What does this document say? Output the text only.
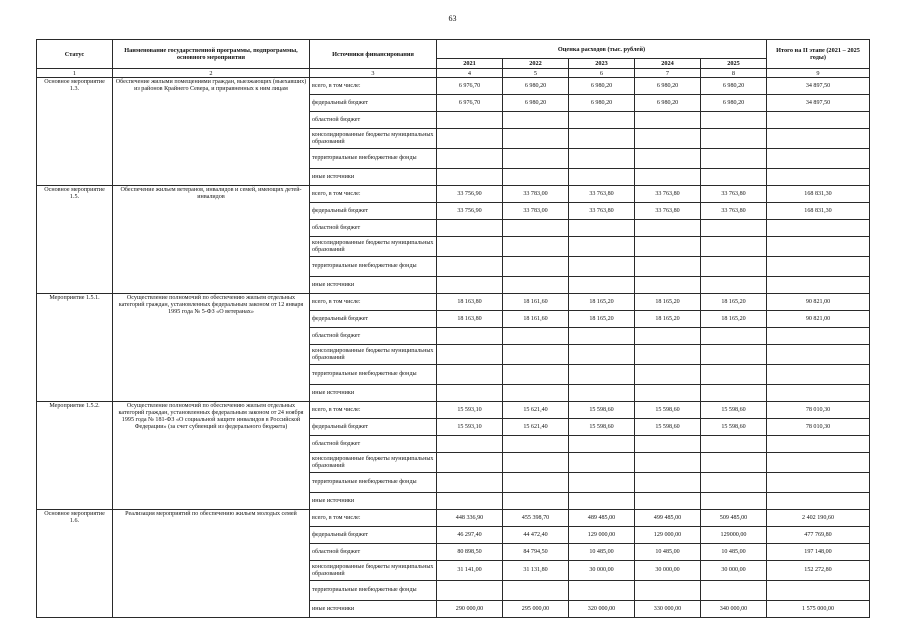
63
Статус	Наименование государственной программы, подпрограммы, основного мероприятия	Источники финансирования	Оценка расходов (тыс. рублей)					Итого на II этапе (2021 – 2025 годы)
			2021	2022	2023	2024	2025	
1	2	3	4	5	6	7	8	9
Основное мероприятие 1.3.	Обеспечение жилыми помещениями граждан, выезжающих (выехавших) из районов Крайнего Севера, и приравненных к ним лицам	всего, в том числе:	6 976,70	6 980,20	6 980,20	6 980,20	6 980,20	34 897,50
		федеральный бюджет	6 976,70	6 980,20	6 980,20	6 980,20	6 980,20	34 897,50
		областной бюджет						
		консолидированные бюджеты муниципальных образований						
		территориальные внебюджетные фонды						
		иные источники						
Основное мероприятие 1.5.	Обеспечение жильем ветеранов, инвалидов и семей, имеющих детей-инвалидов	всего, в том числе:	33 756,90	33 783,00	33 763,80	33 763,80	33 763,80	168 831,30
		федеральный бюджет	33 756,90	33 783,00	33 763,80	33 763,80	33 763,80	168 831,30
		областной бюджет						
		консолидированные бюджеты муниципальных образований						
		территориальные внебюджетные фонды						
		иные источники						
Мероприятие 1.5.1.	Осуществление полномочий по обеспечению жильем отдельных категорий граждан, установленных федеральным законом от 12 января 1995 года № 5-ФЗ «О ветеранах»	всего, в том числе:	18 163,80	18 161,60	18 165,20	18 165,20	18 165,20	90 821,00
		федеральный бюджет	18 163,80	18 161,60	18 165,20	18 165,20	18 165,20	90 821,00
		областной бюджет						
		консолидированные бюджеты муниципальных образований						
		территориальные внебюджетные фонды						
		иные источники						
Мероприятие 1.5.2.	Осуществление полномочий по обеспечению жильем отдельных категорий граждан, установленных федеральным законом от 24 ноября 1995 года № 181-ФЗ «О социальной защите инвалидов в Российской Федерации» (за счет субвенций из федерального бюджета)	всего, в том числе:	15 593,10	15 621,40	15 598,60	15 598,60	15 598,60	78 010,30
		федеральный бюджет	15 593,10	15 621,40	15 598,60	15 598,60	15 598,60	78 010,30
		областной бюджет						
		консолидированные бюджеты муниципальных образований						
		территориальные внебюджетные фонды						
		иные источники						
Основное мероприятие 1.6.	Реализация мероприятий по обеспечению жильем молодых семей	всего, в том числе:	448 336,90	455 398,70	489 485,00	499 485,00	509 485,00	2 402 190,60
		федеральный бюджет	46 297,40	44 472,40	129 000,00	129 000,00	129000,00	477 769,80
		областной бюджет	80 898,50	84 794,50	10 485,00	10 485,00	10 485,00	197 148,00
		консолидированные бюджеты муниципальных образований	31 141,00	31 131,80	30 000,00	30 000,00	30 000,00	152 272,80
		территориальные внебюджетные фонды						
		иные источники	290 000,00	295 000,00	320 000,00	330 000,00	340 000,00	1 575 000,00
